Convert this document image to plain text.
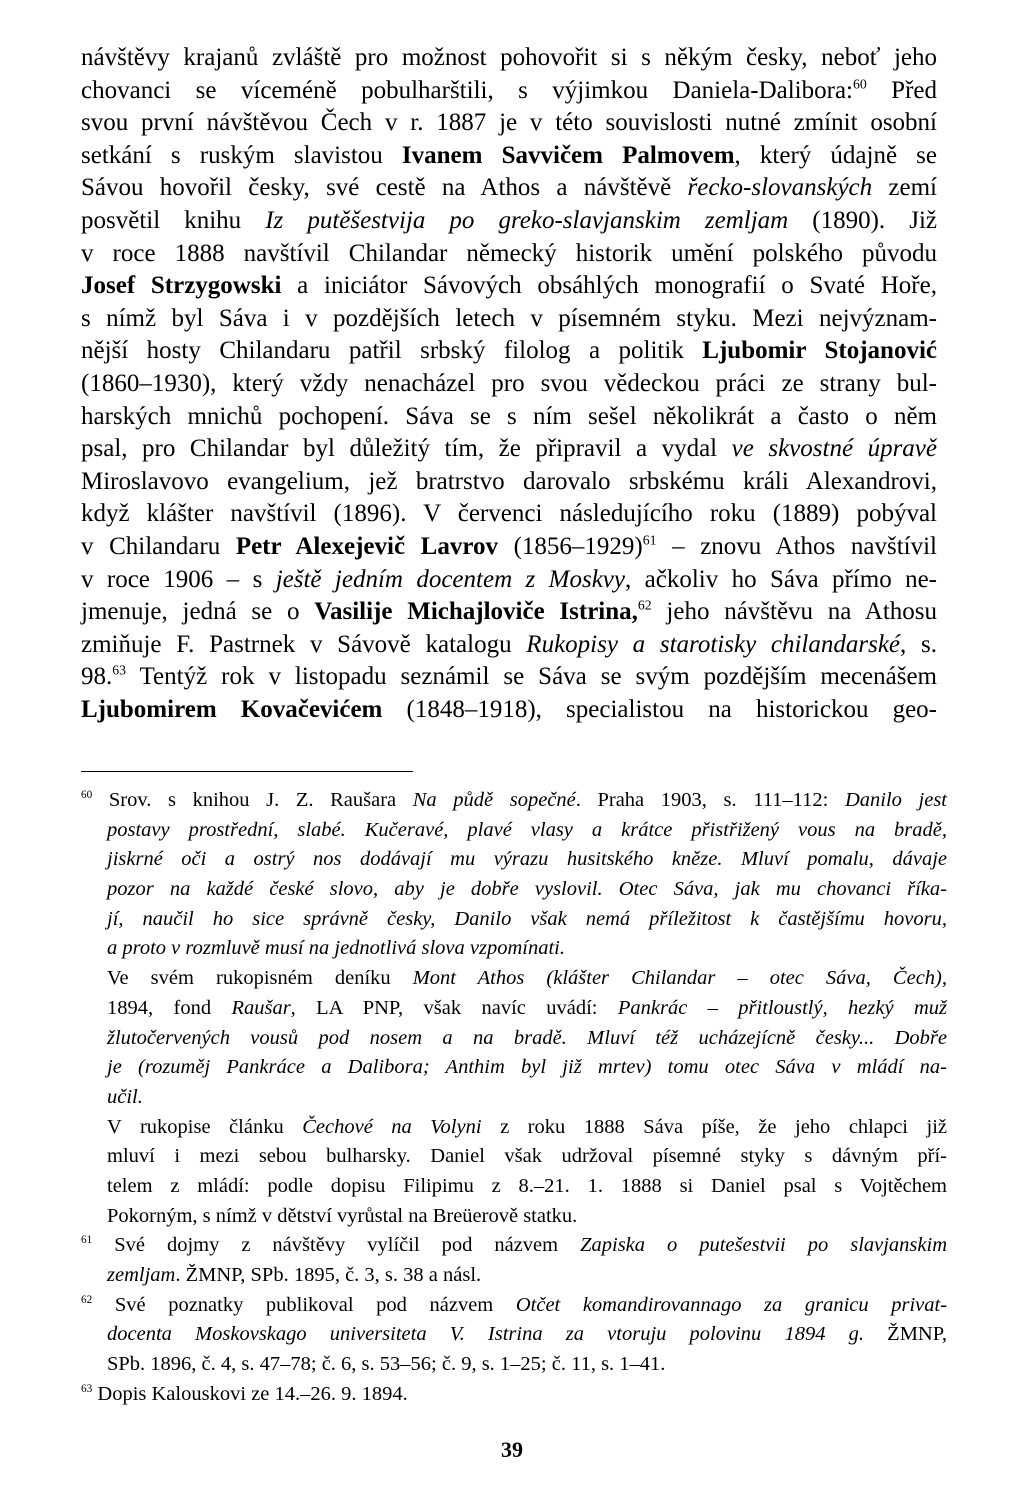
návštěvy krajanů zvláště pro možnost pohovořit si s někým česky, neboť jeho
chovanci se víceméně pobulharštili, s výjimkou Daniela-Dalibora:$^{60}$ Před
svou první návštěvou Čech v r. 1887 je v této souvislosti nutné zmínit osobní
setkání s ruským slavistou Ivanem Savvičem Palmovem, který údajně se
Sávou hovořil česky, své cestě na Athos a návštěvě řecko-slovanských zemí
posvětil knihu Iz putěšestvija po greko-slavjanskim zemljam (1890). Již
v roce 1888 navštívil Chilandar německý historik umění polského původu
Josef Strzygowski a iniciátor Sávových obsáhlých monografií o Svaté Hoře,
s nímž byl Sáva i v pozdějších letech v písemném styku. Mezi nejvýznam-
nější hosty Chilandaru patřil srbský filolog a politik Ljubomir Stojanović
(1860–1930), který vždy nenacházel pro svou vědeckou práci ze strany bul-
harských mnichů pochopení. Sáva se s ním sešel několikrát a často o něm
psal, pro Chilandar byl důležitý tím, že připravil a vydal ve skvostné úpravě
Miroslavovo evangelium, jež bratrstvo darovalo srbskému králi Alexandrovi,
když klášter navštívil (1896). V červenci následujícího roku (1889) pobýval
v Chilandaru Petr Alexejevič Lavrov (1856–1929)$^{61}$ – znovu Athos navštívil
v roce 1906 – s ještě jedním docentem z Moskvy, ačkoliv ho Sáva přímo ne-
jmenuje, jedná se o Vasilije Michajloviče Istrina,$^{62}$ jeho návštěvu na Athosu
zmiňuje F. Pastrnek v Sávově katalogu Rukopisy a starotisky chilandarské, s.
98.63 Tentýž rok v listopadu seznámil se Sáva se svým pozdějším mecenášem
Ljubomirem Kovačevićem (1848–1918), specialistou na historickou geo-
$^{60}$ Srov. s knihou J. Z. Raušara Na půdě sopečné. Praha 1903, s. 111–112: Danilo jest
postavy prostřední, slabé. Kučeravé, plavé vlasy a krátce přistřižený vous na bradě,
jiskrné oči a ostrý nos dodávají mu výrazu husitského kněze. Mluví pomalu, dávaje
pozor na každé české slovo, aby je dobře vyslovil. Otec Sáva, jak mu chovanci říka-
jí, naučil ho sice správně česky, Danilo však nemá příležitost k častějšímu hovoru,
a proto v rozmluvě musí na jednotlivá slova vzpomínati.
Ve svém rukopisném deníku Mont Athos (klášter Chilandar – otec Sáva, Čech),
1894, fond Raušar, LA PNP, však navíc uvádí: Pankrác – přitloustlý, hezký muž
žlutočervených vousů pod nosem a na bradě. Mluví též ucházejícně česky... Dobře
je (rozuměj Pankráce a Dalibora; Anthim byl již mrtev) tomu otec Sáva v mládí na-
učil.
V rukopise článku Čechové na Volyni z roku 1888 Sáva píše, že jeho chlapci již
mluví i mezi sebou bulharsky. Daniel však udržoval písemné styky s dávným pří-
telem z mládí: podle dopisu Filipimu z 8.–21. 1. 1888 si Daniel psal s Vojtěchem
Pokorným, s nímž v dětství vyrůstal na Breüerově statku.
$^{61}$ Své dojmy z návštěvy vylíčil pod názvem Zapiska o putešestvii po slavjanskim
zemljam. ŽMNP, SPb. 1895, č. 3, s. 38 a násl.
$^{62}$ Své poznatky publikoval pod názvem Otčet komandirovannago za granicu privat-
docenta Moskovskago universiteta V. Istrina za vtoruju polovinu 1894 g. ŽMNP,
SPb. 1896, č. 4, s. 47–78; č. 6, s. 53–56; č. 9, s. 1–25; č. 11, s. 1–41.
$^{63}$ Dopis Kalouskovi ze 14.–26. 9. 1894.
39
